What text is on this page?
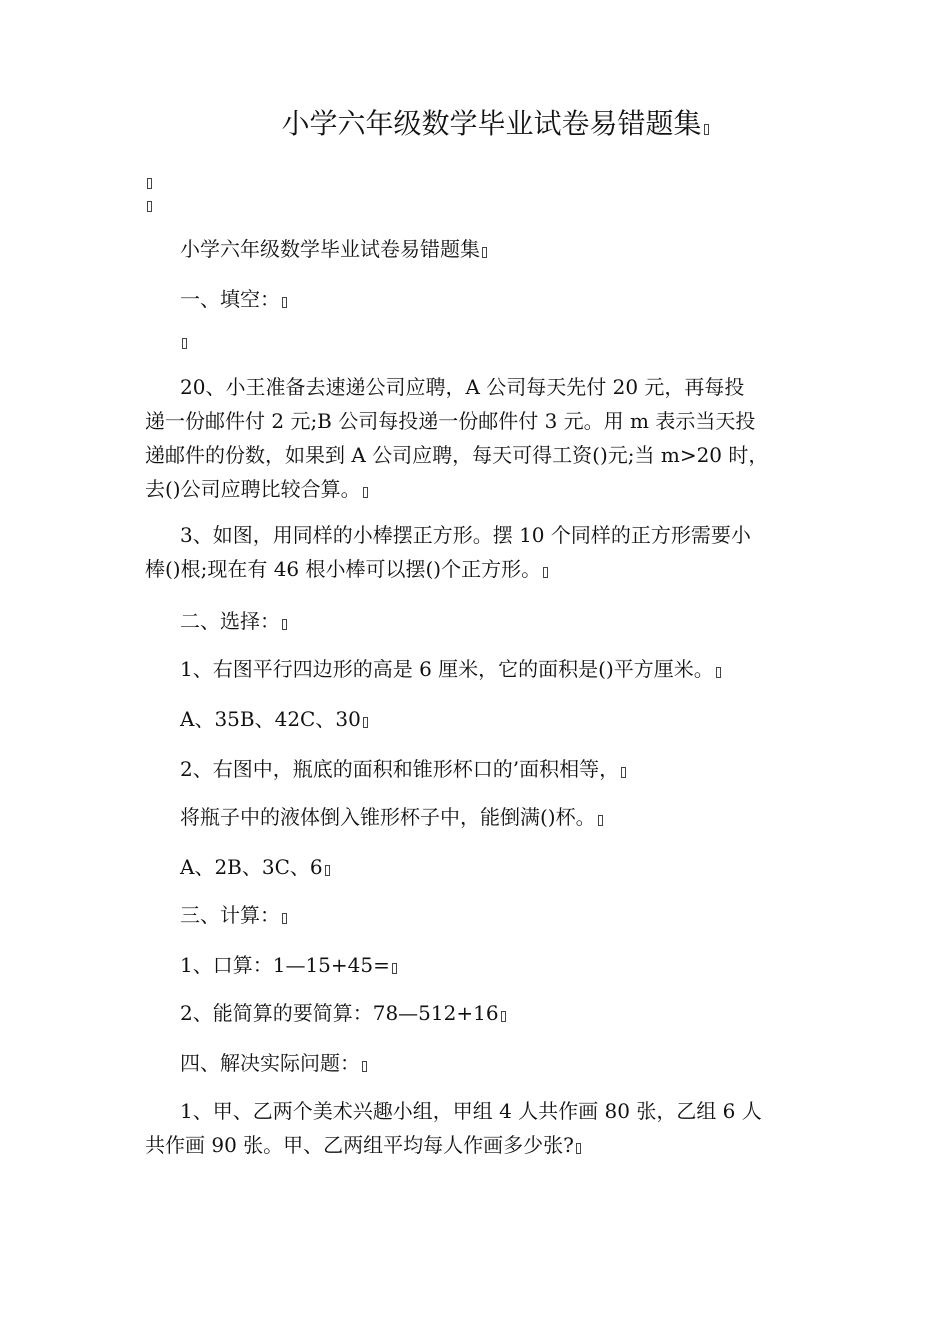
小学六年级数学毕业试卷易错题集
小学六年级数学毕业试卷易错题集
一、填空：
20、小王准备去速递公司应聘，A 公司每天先付 20 元，再每投
递一份邮件付 2 元;B 公司每投递一份邮件付 3 元。用 m 表示当天投
递邮件的份数，如果到 A 公司应聘，每天可得工资()元;当 m>20 时，
去()公司应聘比较合算。
3、如图，用同样的小棒摆正方形。摆 10 个同样的正方形需要小
棒()根;现在有 46 根小棒可以摆()个正方形。
二、选择：
1、右图平行四边形的高是 6 厘米，它的面积是()平方厘米。
A、35B、42C、30
2、右图中，瓶底的面积和锥形杯口的’面积相等，
将瓶子中的液体倒入锥形杯子中，能倒满()杯。
A、2B、3C、6
三、计算：
1、口算：1—15+45=
2、能简算的要简算：78—512+16
四、解决实际问题：
1、甲、乙两个美术兴趣小组，甲组 4 人共作画 80 张，乙组 6 人
共作画 90 张。甲、乙两组平均每人作画多少张?
